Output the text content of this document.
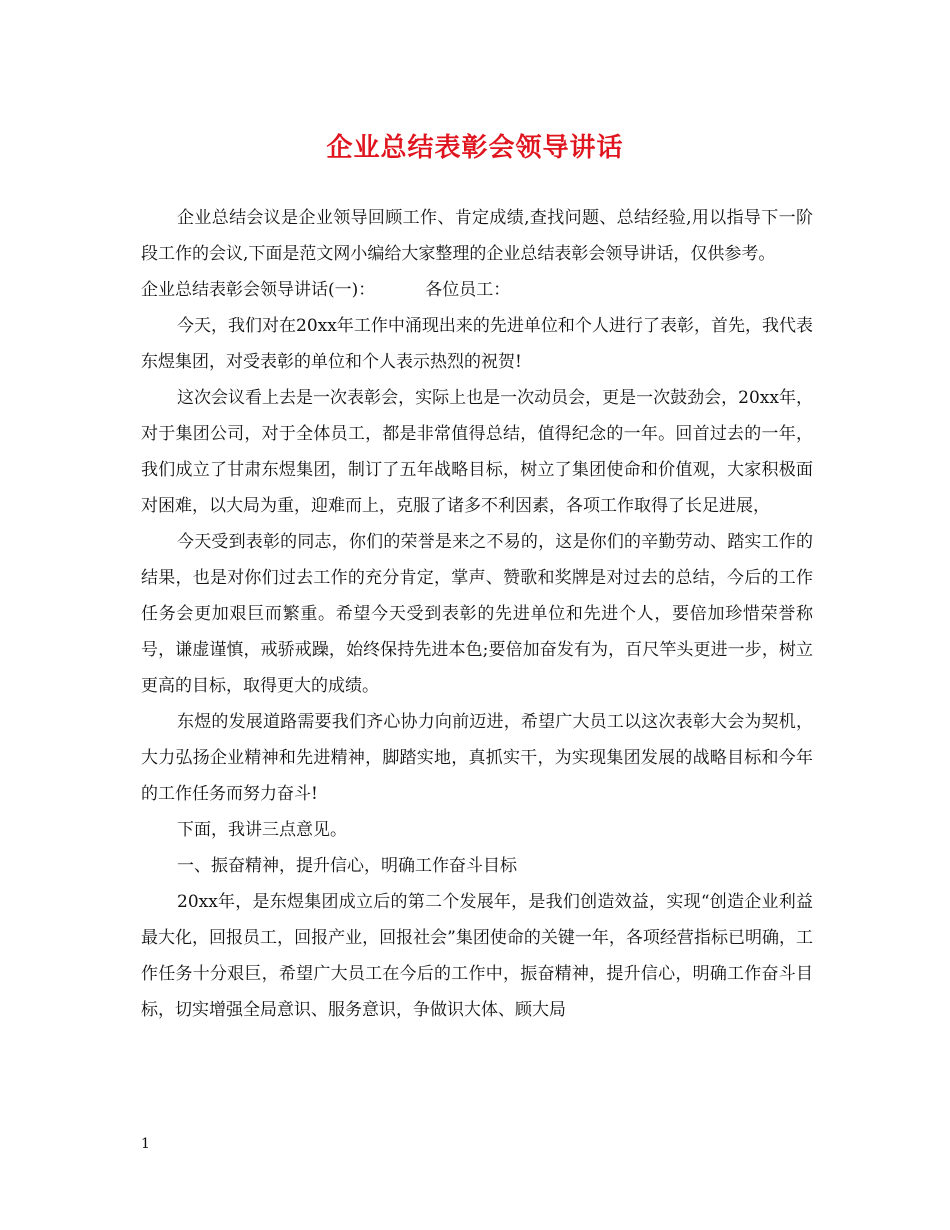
企业总结表彰会领导讲话

企业总结会议是企业领导回顾工作、肯定成绩,查找问题、总结经验,用以指导下一阶段工作的会议,下面是范文网小编给大家整理的企业总结表彰会领导讲话，仅供参考。

企业总结表彰会领导讲话(一)：	各位员工：

今天，我们对在20xx年工作中涌现出来的先进单位和个人进行了表彰，首先，我代表东煜集团，对受表彰的单位和个人表示热烈的祝贺!

这次会议看上去是一次表彰会，实际上也是一次动员会，更是一次鼓劲会，20xx年，对于集团公司，对于全体员工，都是非常值得总结，值得纪念的一年。回首过去的一年，我们成立了甘肃东煜集团，制订了五年战略目标，树立了集团使命和价值观，大家积极面对困难，以大局为重，迎难而上，克服了诸多不利因素，各项工作取得了长足进展，

今天受到表彰的同志，你们的荣誉是来之不易的，这是你们的辛勤劳动、踏实工作的结果，也是对你们过去工作的充分肯定，掌声、赞歌和奖牌是对过去的总结，今后的工作任务会更加艰巨而繁重。希望今天受到表彰的先进单位和先进个人，要倍加珍惜荣誉称号，谦虚谨慎，戒骄戒躁，始终保持先进本色;要倍加奋发有为，百尺竿头更进一步，树立更高的目标，取得更大的成绩。

东煜的发展道路需要我们齐心协力向前迈进，希望广大员工以这次表彰大会为契机，大力弘扬企业精神和先进精神，脚踏实地，真抓实干，为实现集团发展的战略目标和今年的工作任务而努力奋斗!

下面，我讲三点意见。

一、振奋精神，提升信心，明确工作奋斗目标

20xx年，是东煜集团成立后的第二个发展年，是我们创造效益，实现“创造企业利益最大化，回报员工，回报产业，回报社会”集团使命的关键一年，各项经营指标已明确，工作任务十分艰巨，希望广大员工在今后的工作中，振奋精神，提升信心，明确工作奋斗目标，切实增强全局意识、服务意识，争做识大体、顾大局

1
